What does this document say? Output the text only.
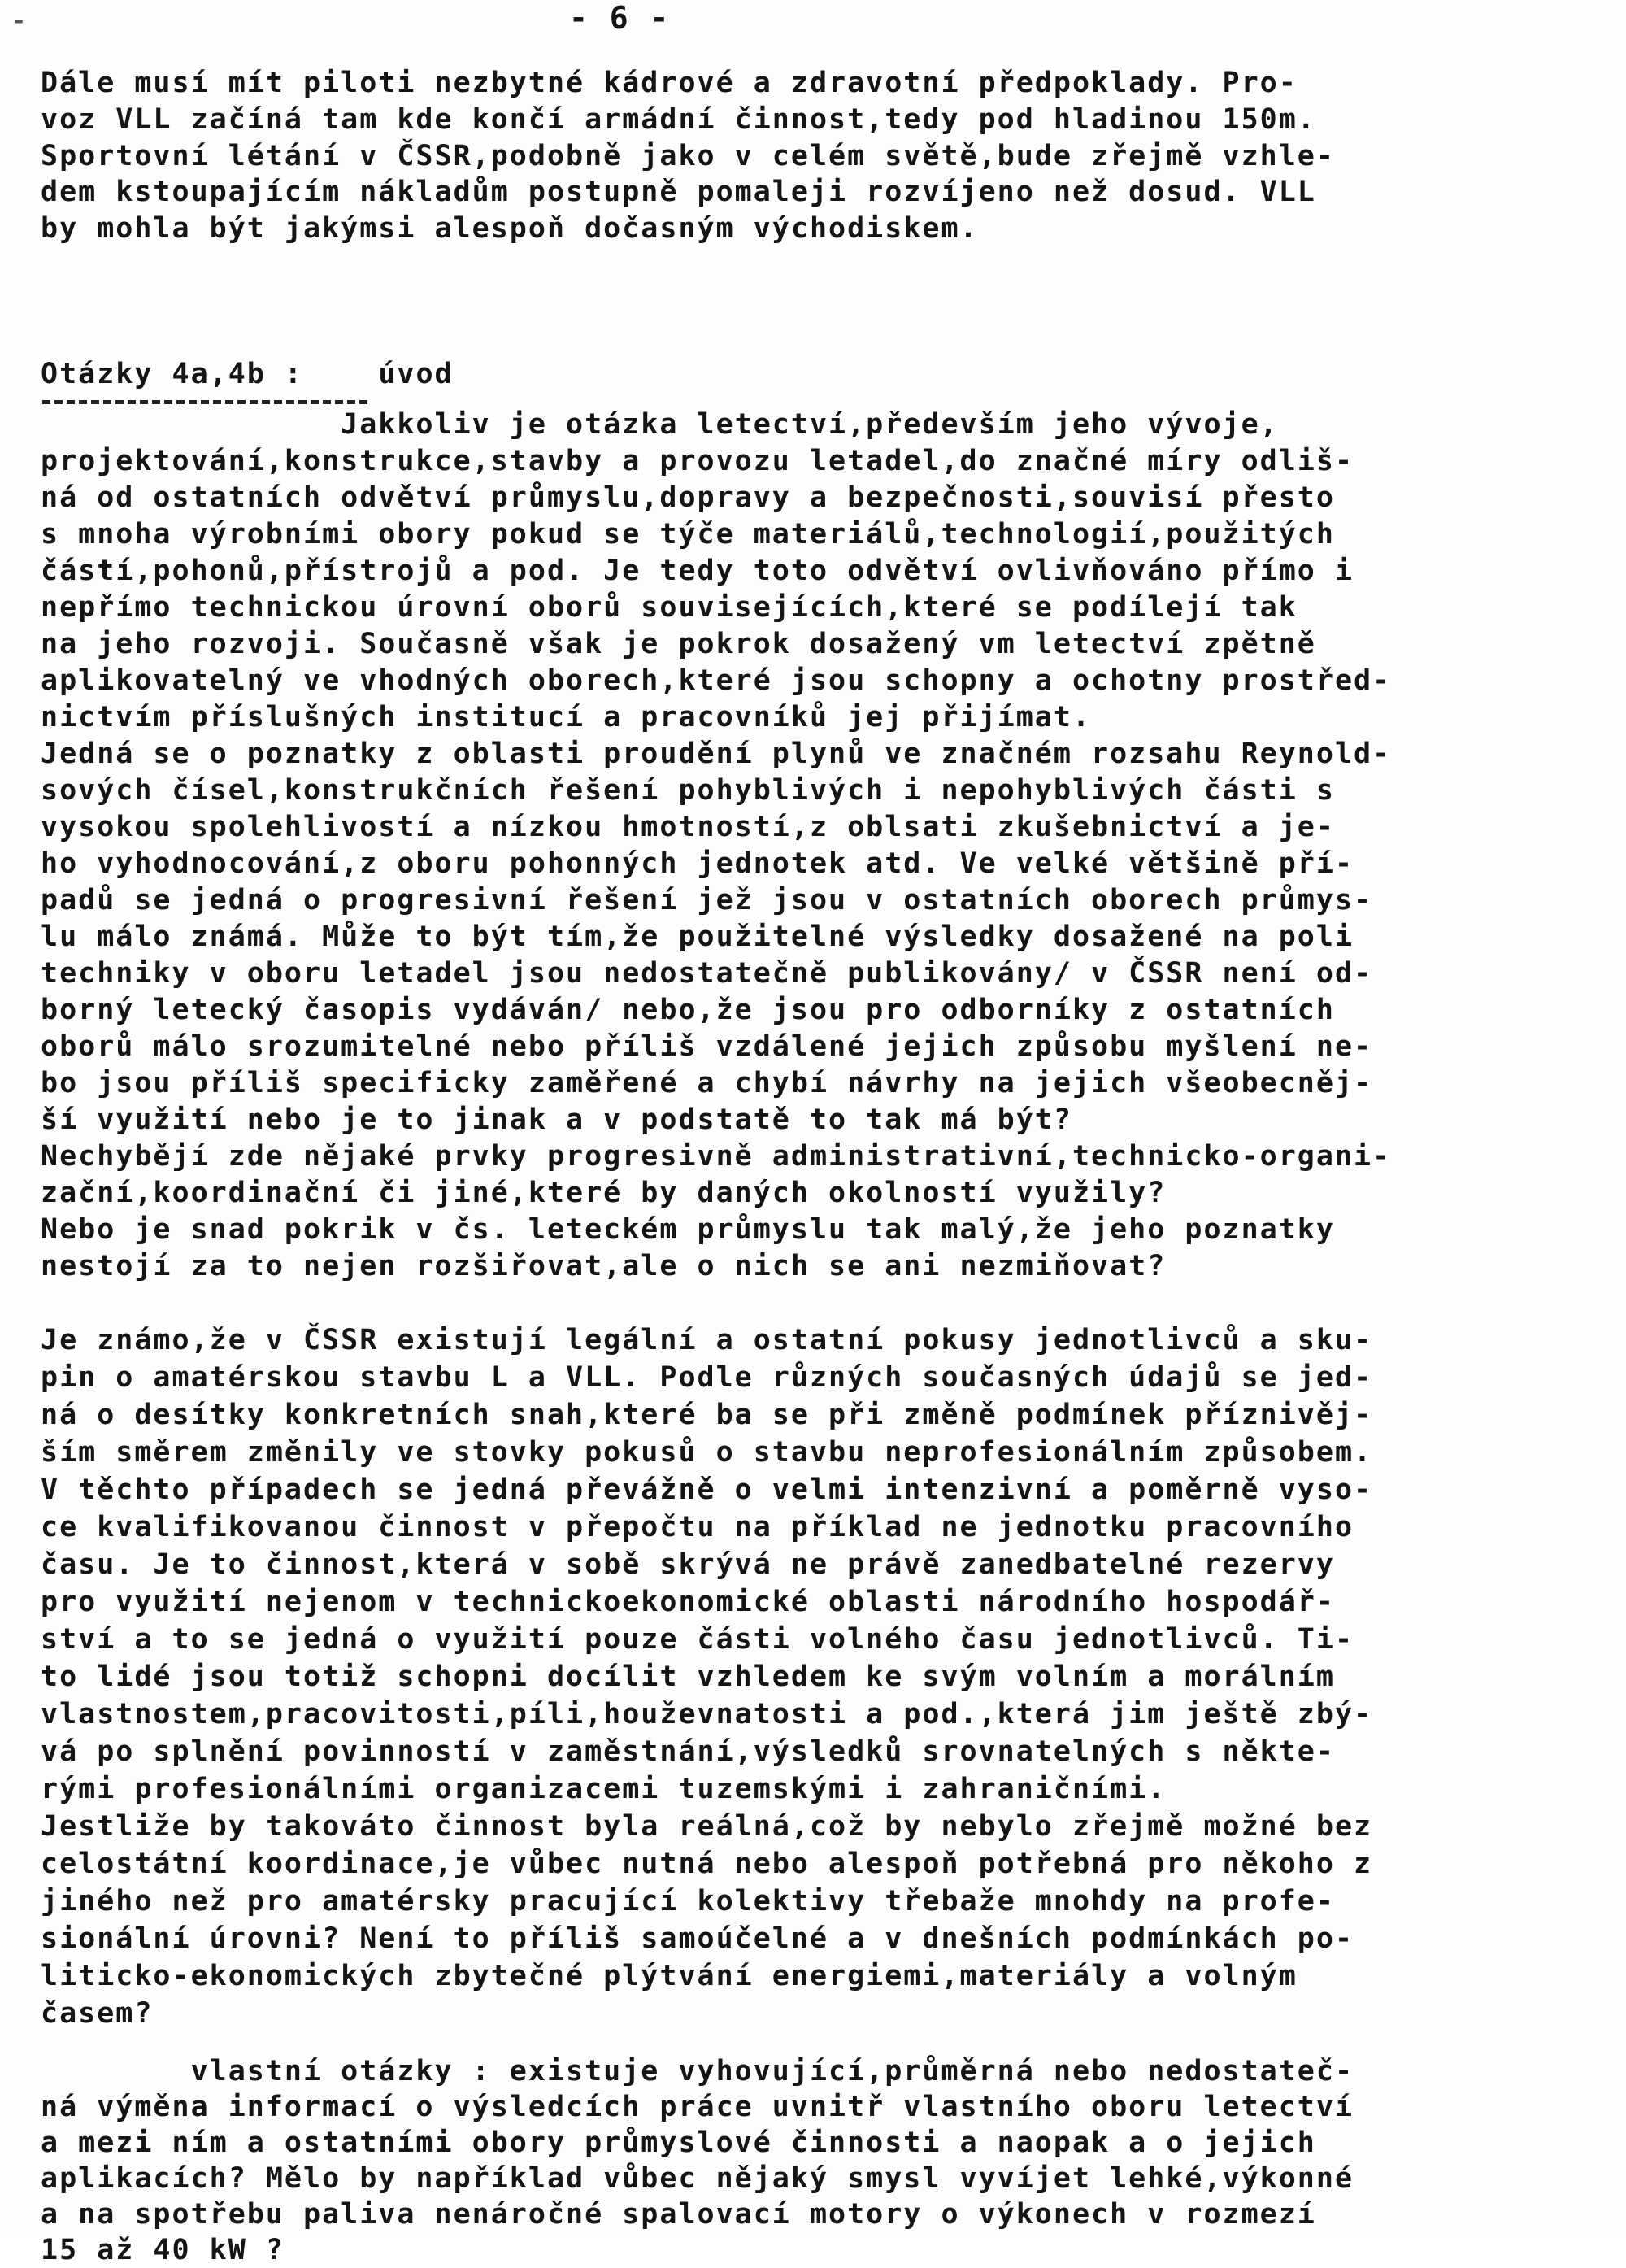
-	- 6 -
Dále musí mít piloti nezbytné kádrové a zdravotní předpoklady. Pro-
voz VLL začíná tam kde končí armádní činnost,tedy pod hladinou 150m.
Sportovní létání v ČSSR,podobně jako v celém světě,bude zřejmě vzhle-
dem kstoupajícím nákladům postupně pomaleji rozvíjeno než dosud. VLL
by mohla být jakýmsi alespoň dočasným východiskem.
Otázky 4a,4b :	úvod
Jakkoliv je otázka letectví,především jeho vývoje,
projektování,konstrukce,stavby a provozu letadel,do značné míry odliš-
ná od ostatních odvětví průmyslu,dopravy a bezpečnosti,souvisí přesto
s mnoha výrobními obory pokud se týče materiálů,technologií,použitých
částí,pohonů,přístrojů a pod. Je tedy toto odvětví ovlivňováno přímo i
nepřímo technickou úrovní oborů souvisejících,které se podílejí tak
na jeho rozvoji. Současně však je pokrok dosažený vm letectví zpětně
aplikovatelný ve vhodných oborech,které jsou schopny a ochotny prostřed-
nictvím příslušných institucí a pracovníků jej přijímat.
Jedná se o poznatky z oblasti proudění plynů ve značném rozsahu Reynold-
sových čísel,konstrukčních řešení pohyblivých i nepohyblivých části s
vysokou spolehlivostí a nízkou hmotností,z oblsati zkušebnictví a je-
ho vyhodnocování,z oboru pohonných jednotek atd. Ve velké většině pří-
padů se jedná o progresivní řešení jež jsou v ostatních oborech průmys-
lu málo známá. Může to být tím,že použitelné výsledky dosažené na poli
techniky v oboru letadel jsou nedostatečně publikovány/ v ČSSR není od-
borný letecký časopis vydáván/ nebo,že jsou pro odborníky z ostatních
oborů málo srozumitelné nebo příliš vzdálené jejich způsobu myšlení ne-
bo jsou příliš specificky zaměřené a chybí návrhy na jejich všeobecněj-
ší využití nebo je to jinak a v podstatě to tak má být?
Nechybějí zde nějaké prvky progresivně administrativní,technicko-organi-
zační,koordinační či jiné,které by daných okolností využily?
Nebo je snad pokrik v čs. leteckém průmyslu tak malý,že jeho poznatky
nestojí za to nejen rozšiřovat,ale o nich se ani nezmiňovat?
Je známo,že v ČSSR existují legální a ostatní pokusy jednotlivců a sku-
pin o amatérskou stavbu L a VLL. Podle různých současných údajů se jed-
ná o desítky konkretních snah,které ba se při změně podmínek příznivěj-
ším směrem změnily ve stovky pokusů o stavbu neprofesionálním způsobem.
V těchto případech se jedná převážně o velmi intenzivní a poměrně vyso-
ce kvalifikovanou činnost v přepočtu na příklad ne jednotku pracovního
času. Je to činnost,která v sobě skrývá ne právě zanedbatelné rezervy
pro využití nejenom v technickoekonomické oblasti národního hospodář-
ství a to se jedná o využití pouze části volného času jednotlivců. Ti-
to lidé jsou totiž schopni docílit vzhledem ke svým volním a morálním
vlastnostem,pracovitosti,píli,houževnatosti a pod.,která jim ještě zbý-
vá po splnění povinností v zaměstnání,výsledků srovnatelných s někte-
rými profesionálními organizacemi tuzemskými i zahraničními.
Jestliže by takováto činnost byla reálná,což by nebylo zřejmě možné bez
celostátní koordinace,je vůbec nutná nebo alespoň potřebná pro někoho z
jiného než pro amatérsky pracující kolektivy třebaže mnohdy na profe-
sionální úrovni? Není to příliš samoúčelné a v dnešních podmínkách po-
liticko-ekonomických zbytečné plýtvání energiemi,materiály a volným
časem?
vlastní otázky : existuje vyhovující,průměrná nebo nedostateč-
ná výměna informací o výsledcích práce uvnitř vlastního oboru letectví
a mezi ním a ostatními obory průmyslové činnosti a naopak a o jejich
aplikacích? Mělo by například vůbec nějaký smysl vyvíjet lehké,výkonné
a na spotřebu paliva nenáročné spalovací motory o výkonech v rozmezí
15 až 40 kW ?
